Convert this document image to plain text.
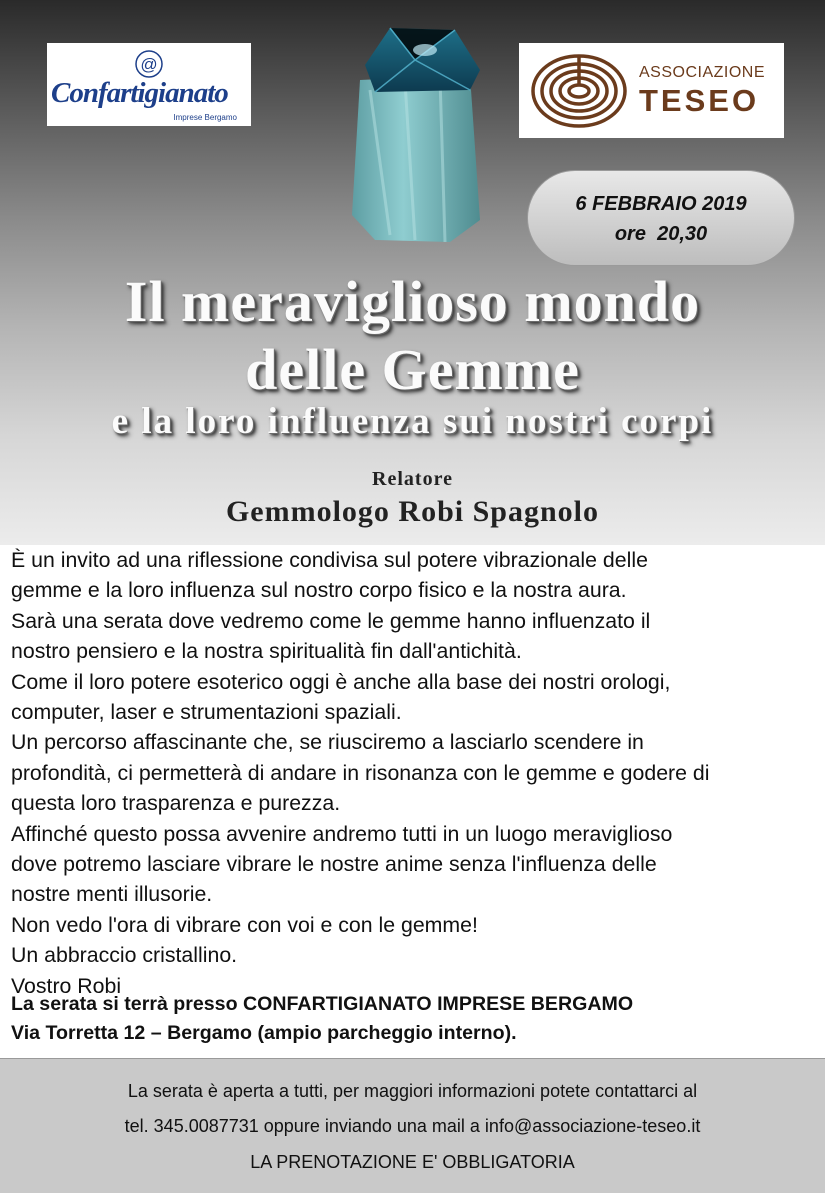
@
Confartigianato
Imprese Bergamo
ASSOCIAZIONE
TESEO
6 FEBBRAIO 2019
ore  20,30
Il meraviglioso mondo
delle Gemme
e la loro influenza sui nostri corpi
Relatore
Gemmologo Robi Spagnolo

È un invito ad una riflessione condivisa sul potere vibrazionale delle

gemme e la loro influenza sul nostro corpo fisico e la nostra aura.

Sarà una serata dove vedremo come le gemme hanno influenzato il

nostro pensiero e la nostra spiritualità fin dall'antichità.

Come il loro potere esoterico oggi è anche alla base dei nostri orologi,

computer, laser e strumentazioni spaziali.

Un percorso affascinante che, se riusciremo a lasciarlo scendere in

profondità, ci permetterà di andare in risonanza con le gemme e godere di

questa loro trasparenza e purezza.

Affinché questo possa avvenire andremo tutti in un luogo meraviglioso

dove potremo lasciare vibrare le nostre anime senza l'influenza delle

nostre menti illusorie.

Non vedo l'ora di vibrare con voi e con le gemme!

Un abbraccio cristallino.

Vostro Robi

La serata si terrà presso CONFARTIGIANATO IMPRESE BERGAMO

Via Torretta 12 – Bergamo (ampio parcheggio interno).

La serata è aperta a tutti, per maggiori informazioni potete contattarci al

tel. 345.0087731 oppure inviando una mail a info@associazione-teseo.it

LA PRENOTAZIONE E' OBBLIGATORIA
